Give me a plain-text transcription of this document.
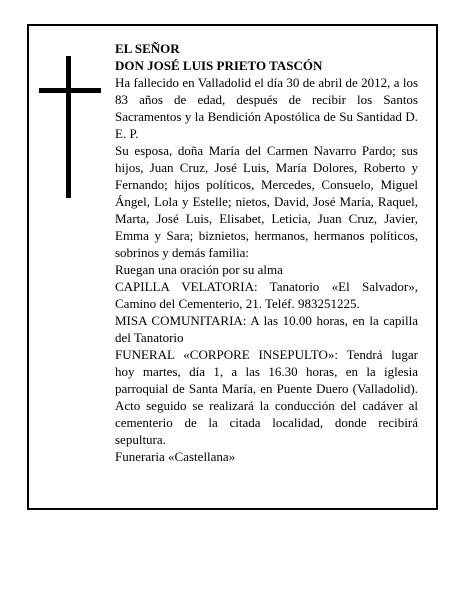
EL SEÑOR

DON JOSÉ LUIS PRIETO TASCÓN

Ha fallecido en Valladolid el día 30 de abril de 2012, a los 83 años de edad, después de recibir los Santos Sacramentos y la Bendición Apostólica de Su Santidad D. E. P.

Su esposa, doña María del Carmen Navarro Pardo; sus hijos, Juan Cruz, José Luis, María Dolores, Roberto y Fernando; hijos políticos, Mercedes, Consuelo, Miguel Ángel, Lola y Estelle; nietos, David, José María, Raquel, Marta, José Luis, Elisabet, Leticia, Juan Cruz, Javier, Emma y Sara; biznietos, hermanos, hermanos políticos, sobrinos y demás familia:

Ruegan una oración por su alma

CAPILLA VELATORIA: Tanatorio «El Salvador», Camino del Cementerio, 21. Teléf. 983251225.

MISA COMUNITARIA: A las 10.00 horas, en la capilla del Tanatorio

FUNERAL «CORPORE INSEPULTO»: Tendrá lugar hoy martes, día 1, a las 16.30 horas, en la iglesia parroquial de Santa María, en Puente Duero (Valladolid). Acto seguido se realizará la conducción del cadáver al cementerio de la citada localidad, donde recibirá sepultura.

Funeraria «Castellana»
